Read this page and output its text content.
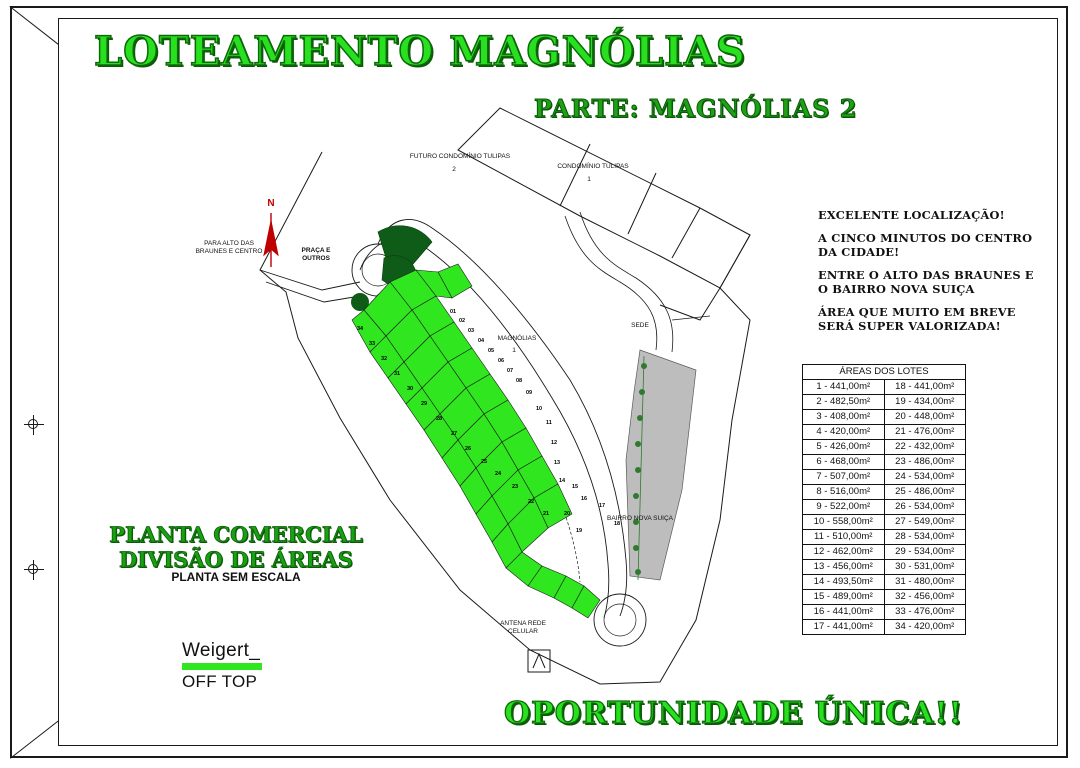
LOTEAMENTO MAGNÓLIAS
PARTE: MAGNÓLIAS 2
OPORTUNIDADE ÚNICA!!
N
FUTURO CONDOMÍNIO TULIPAS
2	CONDOMÍNIO TULIPAS
1
PARA ALTO DAS BRAUNES E CENTRO	PRAÇA E OUTROS
MAGNÓLIAS
1
SEDE
BAIRRO NOVA SUIÇA
ANTENA REDE CELULAR
01
02
03
04
05
06
07
08
09
10
11
12
13
14
15
16
17
18
19
20
21
22
23
24
25
26
27
28
29
30
31
32
33
34

EXCELENTE LOCALIZAÇÃO!

A CINCO MINUTOS DO CENTRO DA CIDADE!

ENTRE O ALTO DAS BRAUNES E O BAIRRO NOVA SUIÇA

ÁREA QUE MUITO EM BREVE SERÁ SUPER VALORIZADA!

ÁREAS DOS LOTES	
1 - 441,00m²	18 - 441,00m²
2 - 482,50m²	19 - 434,00m²
3 - 408,00m²	20 - 448,00m²
4 - 420,00m²	21 - 476,00m²
5 - 426,00m²	22 - 432,00m²
6 - 468,00m²	23 - 486,00m²
7 - 507,00m²	24 - 534,00m²
8 - 516,00m²	25 - 486,00m²
9 - 522,00m²	26 - 534,00m²
10 - 558,00m²	27 - 549,00m²
11 - 510,00m²	28 - 534,00m²
12 - 462,00m²	29 - 534,00m²
13 - 456,00m²	30 - 531,00m²
14 - 493,50m²	31 - 480,00m²
15 - 489,00m²	32 - 456,00m²
16 - 441,00m²	33 - 476,00m²
17 - 441,00m²	34 - 420,00m²
PLANTA COMERCIAL
DIVISÃO DE ÁREAS
PLANTA SEM ESCALA
Weigert_
OFF TOP
